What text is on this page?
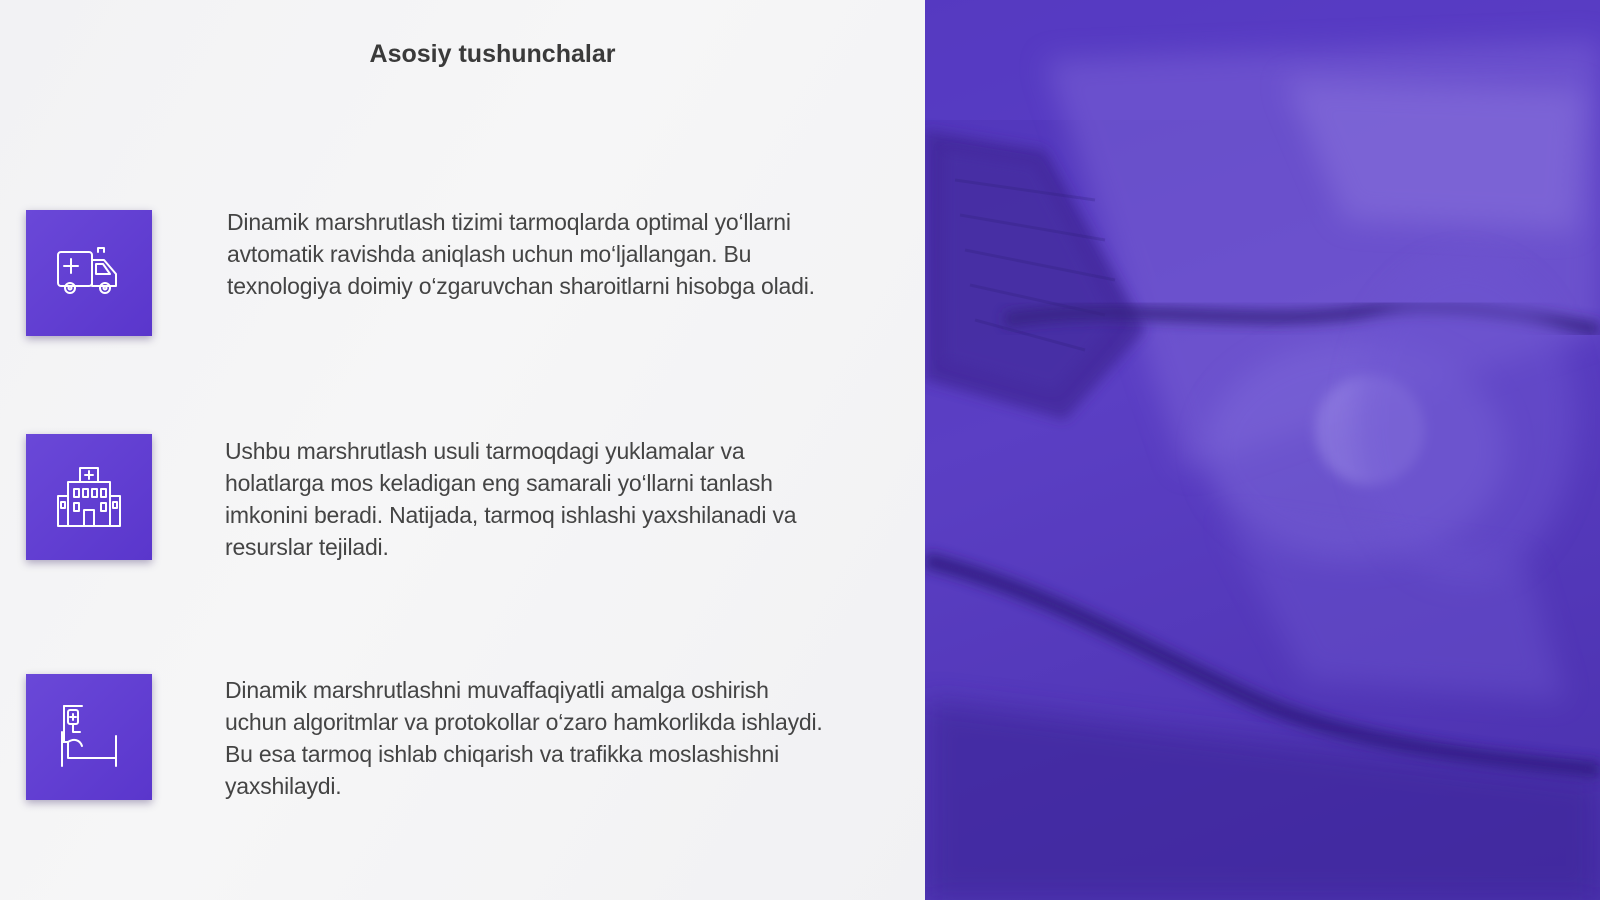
Asosiy tushunchalar

Dinamik marshrutlash tizimi tarmoqlarda optimal yo‘llarni avtomatik ravishda aniqlash uchun mo‘ljallangan. Bu texnologiya doimiy o‘zgaruvchan sharoitlarni hisobga oladi.

Ushbu marshrutlash usuli tarmoqdagi yuklamalar va holatlarga mos keladigan eng samarali yo‘llarni tanlash imkonini beradi. Natijada, tarmoq ishlashi yaxshilanadi va resurslar tejiladi.

Dinamik marshrutlashni muvaffaqiyatli amalga oshirish uchun algoritmlar va protokollar o‘zaro hamkorlikda ishlaydi. Bu esa tarmoq ishlab chiqarish va trafikka moslashishni yaxshilaydi.
